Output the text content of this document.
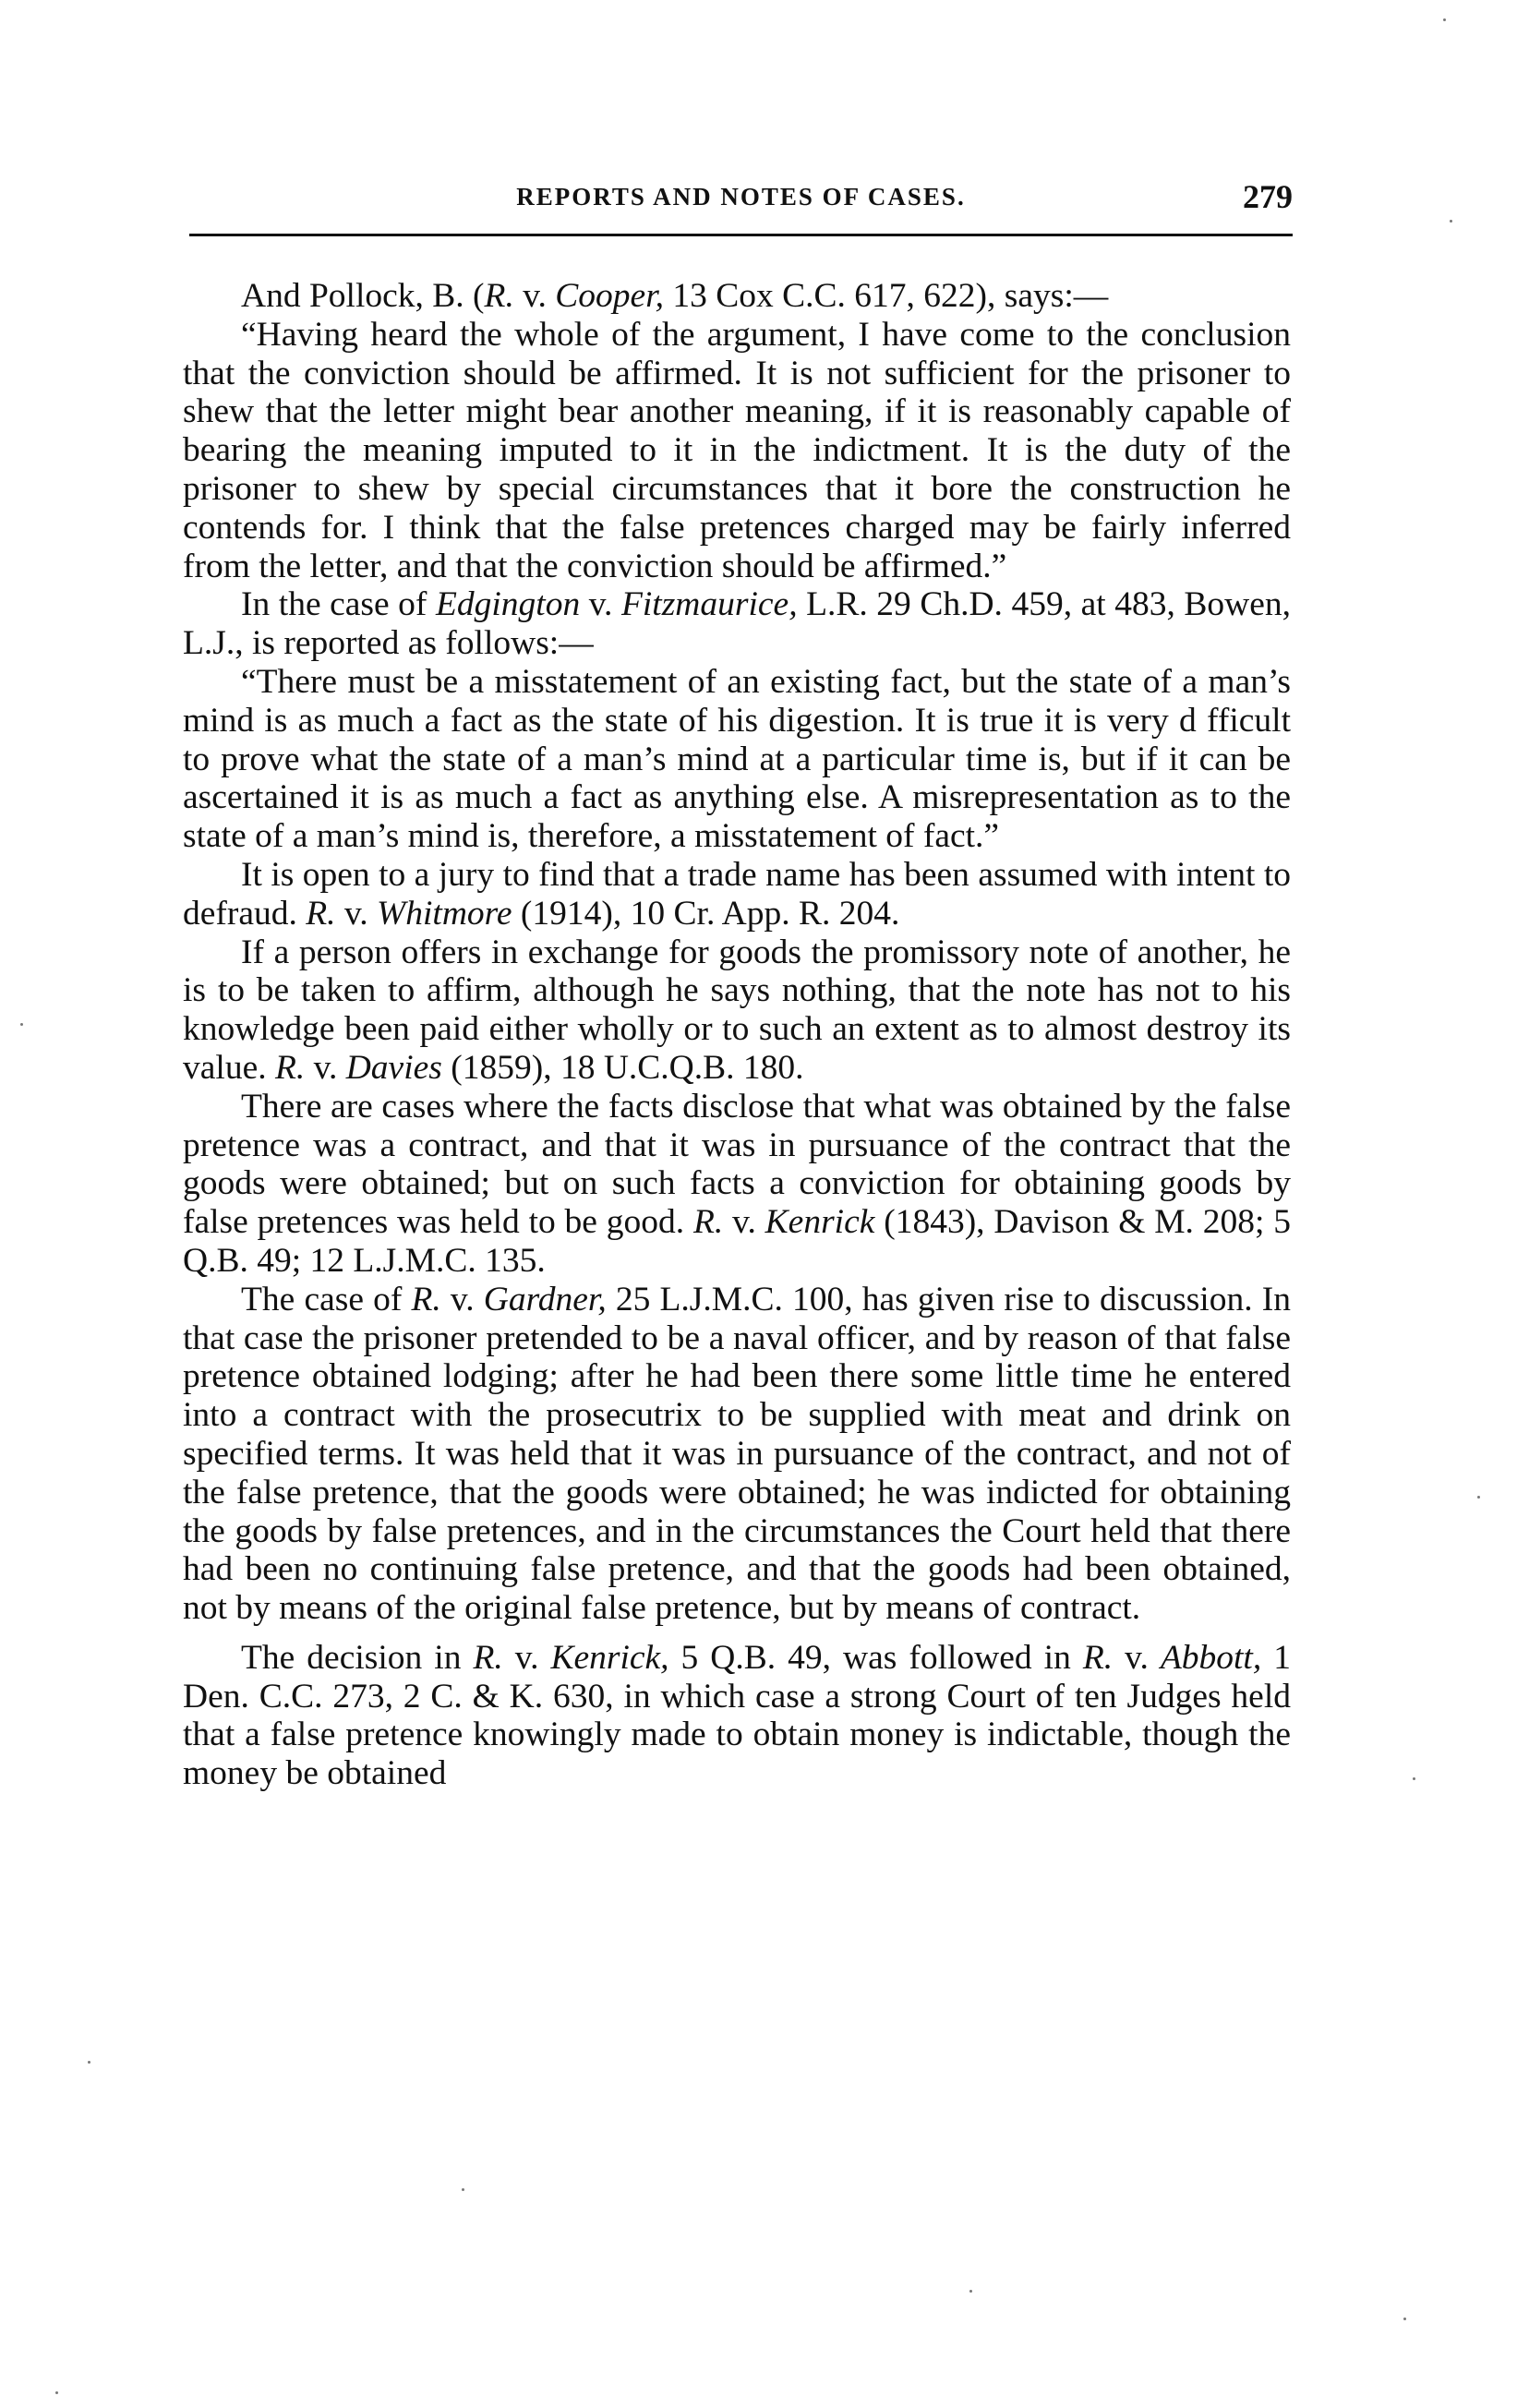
REPORTS AND NOTES OF CASES.	279

And Pollock, B. (R. v. Cooper, 13 Cox C.C. 617, 622), says:—

“Having heard the whole of the argument, I have come to the conclusion that the conviction should be affirmed. It is not sufficient for the prisoner to shew that the letter might bear another meaning, if it is reasonably capable of bearing the meaning imputed to it in the indictment. It is the duty of the prisoner to shew by special circumstances that it bore the construction he contends for. I think that the false pretences charged may be fairly inferred from the letter, and that the conviction should be affirmed.”

In the case of Edgington v. Fitzmaurice, L.R. 29 Ch.D. 459, at 483, Bowen, L.J., is reported as follows:—

“There must be a misstatement of an existing fact, but the state of a man’s mind is as much a fact as the state of his digestion. It is true it is very d fficult to prove what the state of a man’s mind at a particular time is, but if it can be ascertained it is as much a fact as anything else. A misrepresentation as to the state of a man’s mind is, therefore, a misstatement of fact.”

It is open to a jury to find that a trade name has been assumed with intent to defraud. R. v. Whitmore (1914), 10 Cr. App. R. 204.

If a person offers in exchange for goods the promissory note of another, he is to be taken to affirm, although he says nothing, that the note has not to his knowledge been paid either wholly or to such an extent as to almost destroy its value. R. v. Davies (1859), 18 U.C.Q.B. 180.

There are cases where the facts disclose that what was obtained by the false pretence was a contract, and that it was in pursuance of the contract that the goods were obtained; but on such facts a conviction for obtaining goods by false pretences was held to be good. R. v. Kenrick (1843), Davison & M. 208; 5 Q.B. 49; 12 L.J.M.C. 135.

The case of R. v. Gardner, 25 L.J.M.C. 100, has given rise to discussion. In that case the prisoner pretended to be a naval officer, and by reason of that false pretence obtained lodging; after he had been there some little time he entered into a contract with the prosecutrix to be supplied with meat and drink on specified terms. It was held that it was in pursuance of the contract, and not of the false pretence, that the goods were obtained; he was indicted for obtaining the goods by false pretences, and in the circumstances the Court held that there had been no continuing false pretence, and that the goods had been obtained, not by means of the original false pretence, but by means of contract.

The decision in R. v. Kenrick, 5 Q.B. 49, was followed in R. v. Abbott, 1 Den. C.C. 273, 2 C. & K. 630, in which case a strong Court of ten Judges held that a false pretence knowingly made to obtain money is indictable, though the money be obtained
